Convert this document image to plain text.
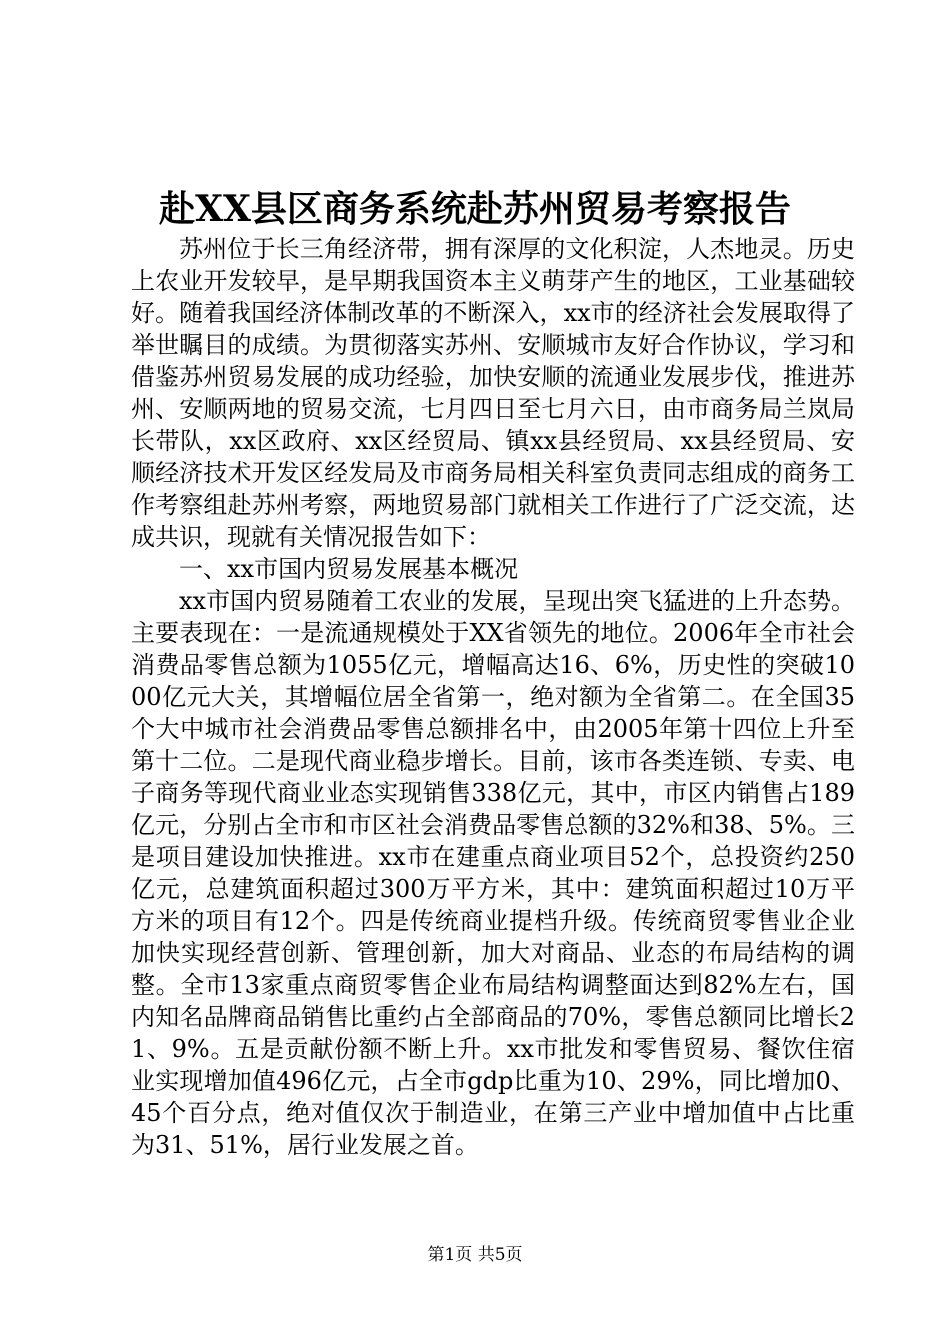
赴XX县区商务系统赴苏州贸易考察报告

苏州位于长三角经济带，拥有深厚的文化积淀，人杰地灵。历史上农业开发较早，是早期我国资本主义萌芽产生的地区，工业基础较好。随着我国经济体制改革的不断深入，xx市的经济社会发展取得了举世瞩目的成绩。为贯彻落实苏州、安顺城市友好合作协议，学习和借鉴苏州贸易发展的成功经验，加快安顺的流通业发展步伐，推进苏州、安顺两地的贸易交流，七月四日至七月六日，由市商务局兰岚局长带队，xx区政府、xx区经贸局、镇xx县经贸局、xx县经贸局、安顺经济技术开发区经发局及市商务局相关科室负责同志组成的商务工作考察组赴苏州考察，两地贸易部门就相关工作进行了广泛交流，达成共识，现就有关情况报告如下：

一、xx市国内贸易发展基本概况

xx市国内贸易随着工农业的发展，呈现出突飞猛进的上升态势。主要表现在：一是流通规模处于XX省领先的地位。2006年全市社会消费品零售总额为1055亿元，增幅高达16、6%，历史性的突破1000亿元大关，其增幅位居全省第一，绝对额为全省第二。在全国35个大中城市社会消费品零售总额排名中，由2005年第十四位上升至第十二位。二是现代商业稳步增长。目前，该市各类连锁、专卖、电子商务等现代商业业态实现销售338亿元，其中，市区内销售占189亿元，分别占全市和市区社会消费品零售总额的32%和38、5%。三是项目建设加快推进。xx市在建重点商业项目52个，总投资约250亿元，总建筑面积超过300万平方米，其中：建筑面积超过10万平方米的项目有12个。四是传统商业提档升级。传统商贸零售业企业加快实现经营创新、管理创新，加大对商品、业态的布局结构的调整。全市13家重点商贸零售企业布局结构调整面达到82%左右，国内知名品牌商品销售比重约占全部商品的70%，零售总额同比增长21、9%。五是贡献份额不断上升。xx市批发和零售贸易、餐饮住宿业实现增加值496亿元，占全市gdp比重为10、29%，同比增加0、45个百分点，绝对值仅次于制造业，在第三产业中增加值中占比重为31、51%，居行业发展之首。

第1页 共5页
